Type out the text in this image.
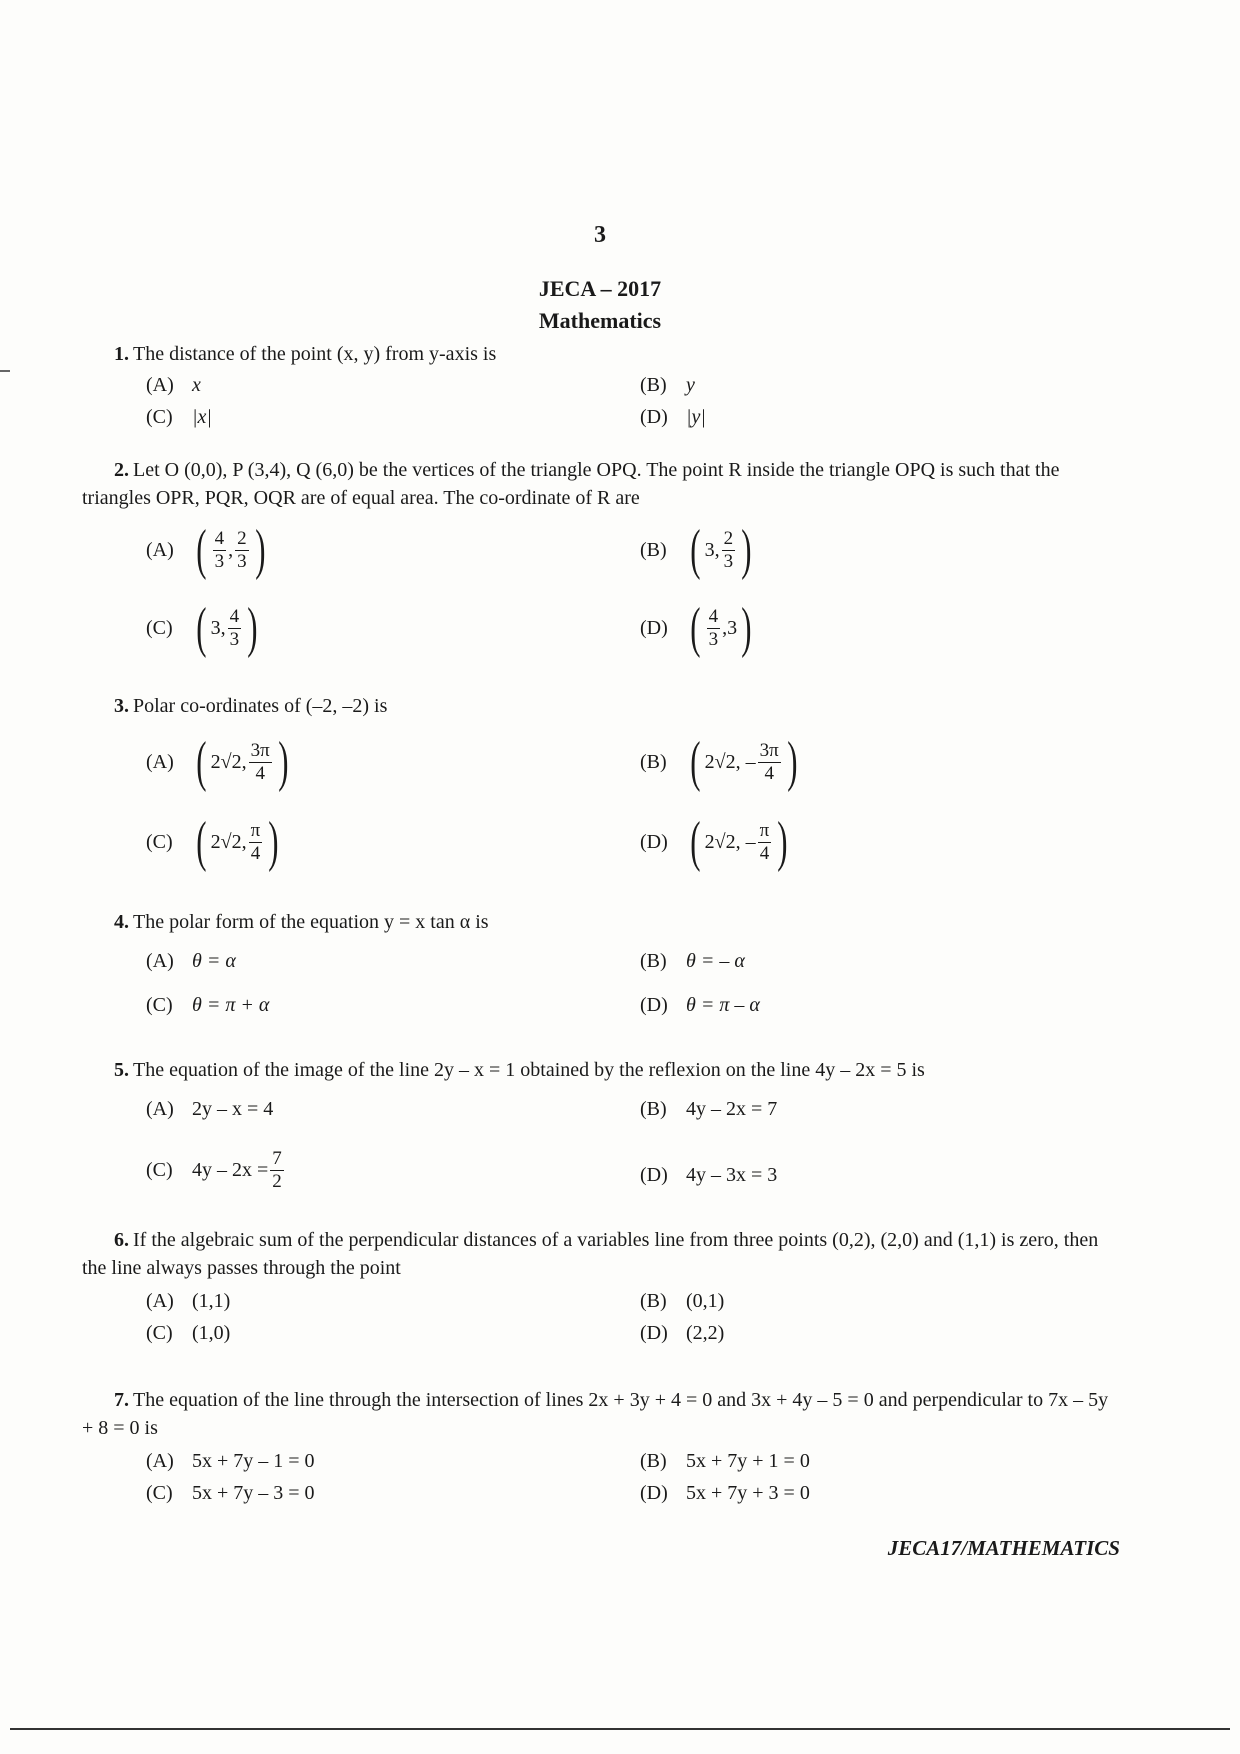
3
JECA – 2017
Mathematics
1. The distance of the point (x, y) from y-axis is
(A) x	(B) y
(C) |x|	(D) |y|
2. Let O (0,0), P (3,4), Q (6,0) be the vertices of the triangle OPQ. The point R inside the triangle OPQ is such that the triangles OPR, PQR, OQR are of equal area. The co-ordinate of R are
(A) ( $\frac{4}{3}$ , $\frac{2}{3}$ )	(B) ( 3 , $\frac{2}{3}$ )
(C) ( 3 , $\frac{4}{3}$ )	(D) ( $\frac{4}{3}$ , 3 )
3. Polar co-ordinates of (–2, –2) is
(A) ( 2√2, $\frac{3\pi}{4}$ )	(B) ( 2√2, – $\frac{3\pi}{4}$ )
(C) ( 2√2, $\frac{\pi}{4}$ )	(D) ( 2√2, – $\frac{\pi}{4}$ )
4. The polar form of the equation y = x tan α is
(A) θ = α	(B) θ = – α
(C) θ = π + α	(D) θ = π – α
5. The equation of the image of the line 2y – x = 1 obtained by the reflexion on the line 4y – 2x = 5 is
(A) 2y – x = 4	(B) 4y – 2x = 7
(C) $4y - 2x = \frac{7}{2}$	(D) 4y – 3x = 3
6. If the algebraic sum of the perpendicular distances of a variables line from three points (0,2), (2,0) and (1,1) is zero, then the line always passes through the point
(A) (1,1)	(B) (0,1)
(C) (1,0)	(D) (2,2)
7. The equation of the line through the intersection of lines 2x + 3y + 4 = 0 and 3x + 4y – 5 = 0 and perpendicular to 7x – 5y + 8 = 0 is
(A) 5x + 7y – 1 = 0	(B) 5x + 7y + 1 = 0
(C) 5x + 7y – 3 = 0	(D) 5x + 7y + 3 = 0
JECA17/MATHEMATICS
